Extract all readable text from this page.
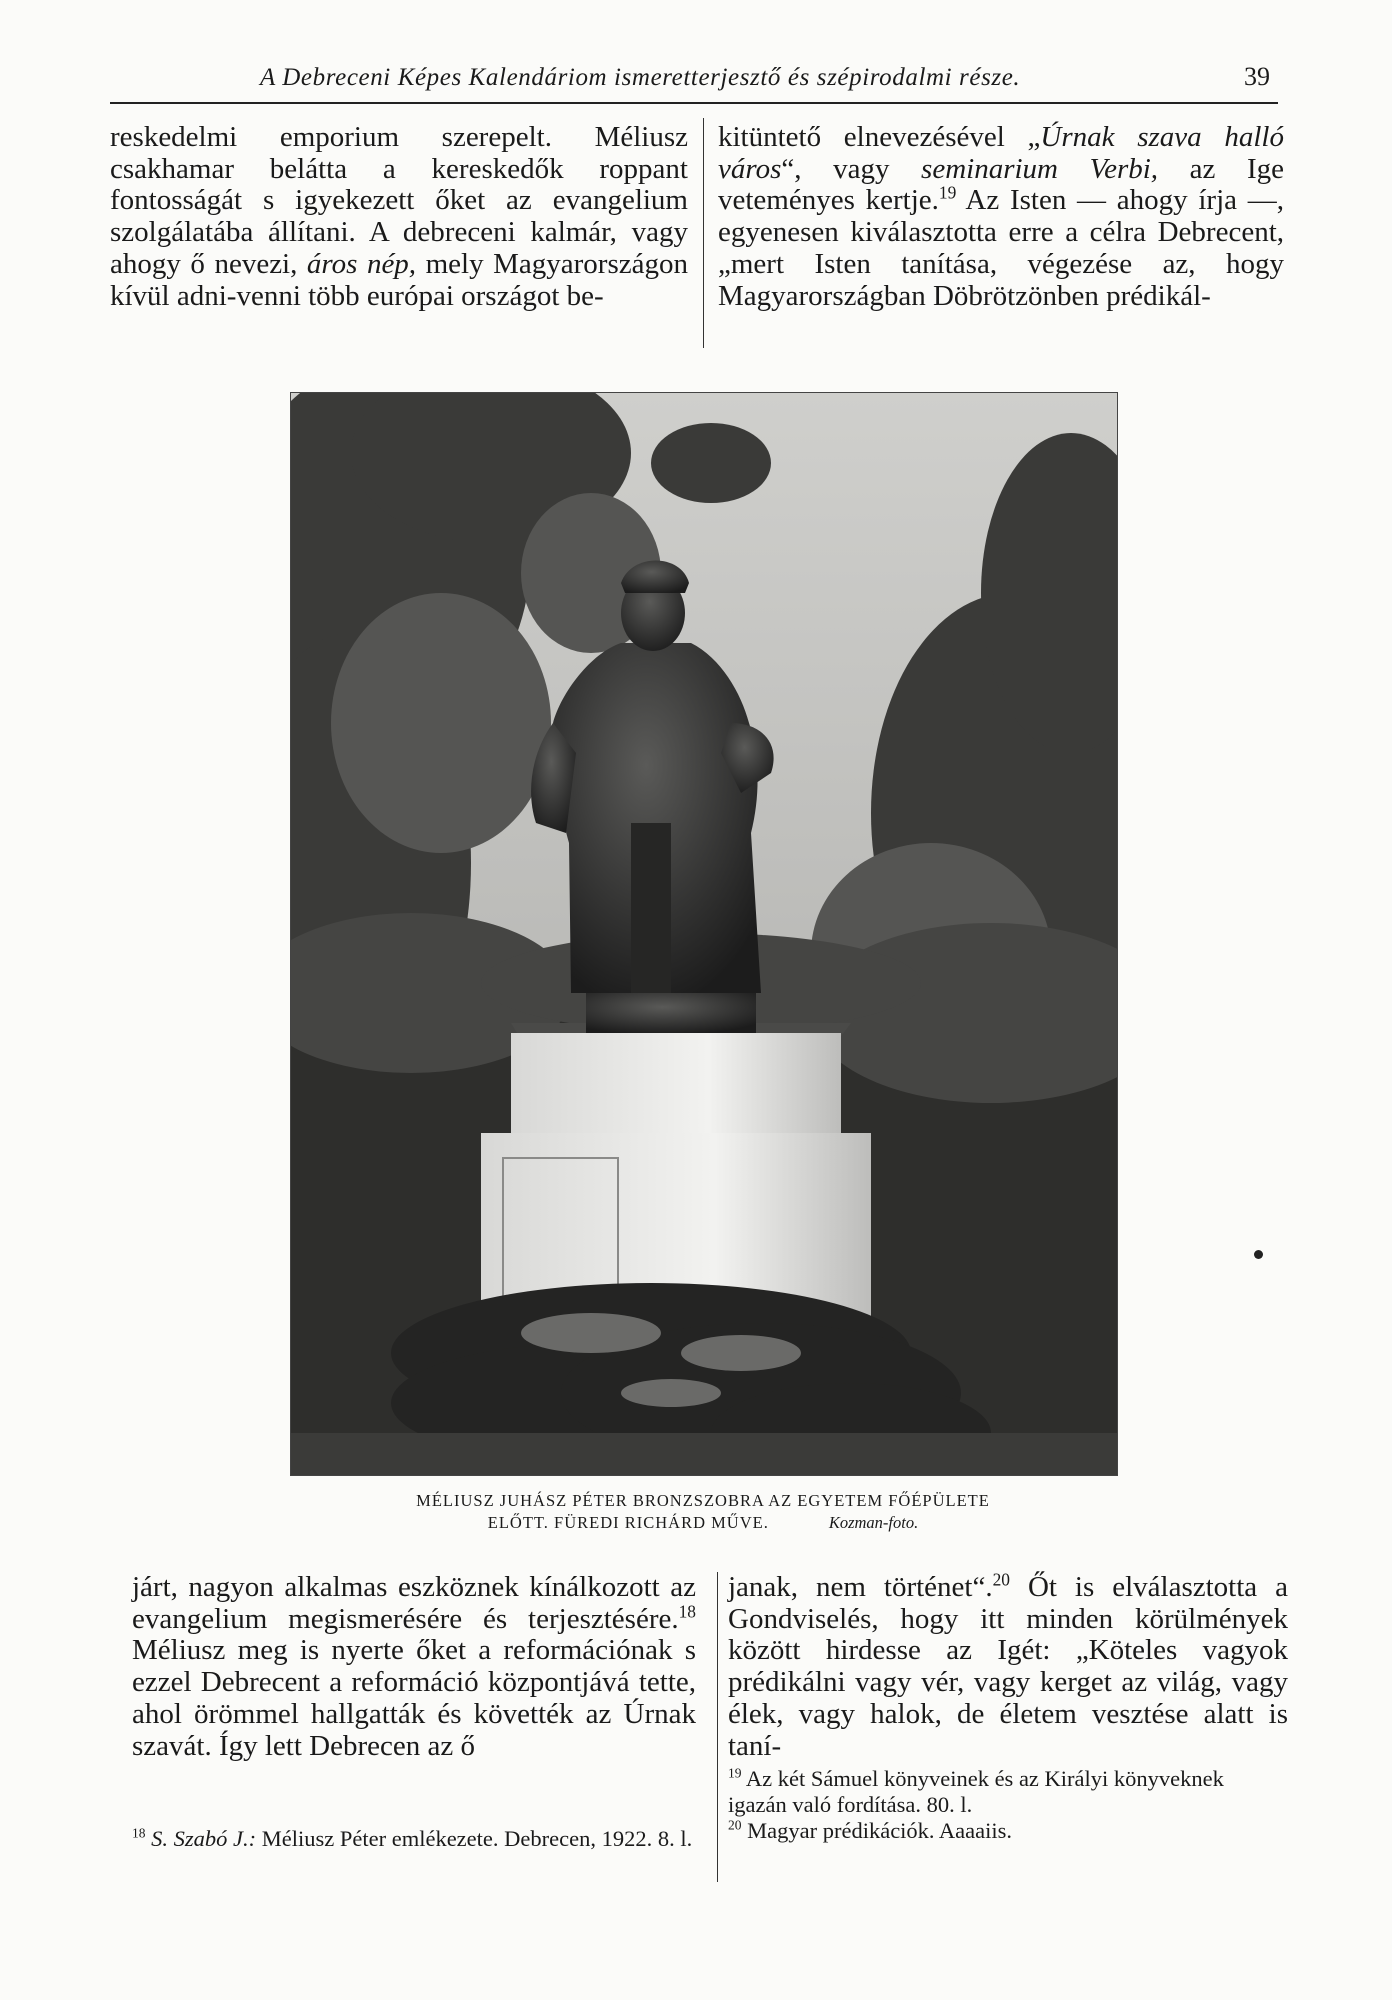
A Debreceni Képes Kalendáriom ismeretterjesztő és szépirodalmi része.	39

reskedelmi emporium szerepelt. Méliusz csakhamar belátta a kereskedők roppant fontosságát s igyekezett őket az evangelium szolgálatába állítani. A debreceni kalmár, vagy ahogy ő nevezi, áros nép, mely Magyarországon kívül adni-venni több európai országot be-

kitüntető elnevezésével „Úrnak szava halló város“, vagy seminarium Verbi, az Ige veteményes kertje.$^{19}$ Az Isten — ahogy írja —, egyenesen kiválasztotta erre a célra Debrecent, „mert Isten tanítása, végezése az, hogy Magyarországban Döbrötzönben prédikál-

MÉLIUSZ JUHÁSZ PÉTER BRONZSZOBRA AZ EGYETEM FŐÉPÜLETE
ELŐTT. FÜREDI RICHÁRD MŰVE.	Kozman-foto.

járt, nagyon alkalmas eszköznek kínálkozott az evangelium megismerésére és terjesztésére.$^{18}$ Méliusz meg is nyerte őket a reformációnak s ezzel Debrecent a reformáció központjává tette, ahol örömmel hallgatták és követték az Úrnak szavát. Így lett Debrecen az ő

janak, nem történet“.$^{20}$ Őt is elválasztotta a Gondviselés, hogy itt minden körülmények között hirdesse az Igét: „Köteles vagyok prédikálni vagy vér, vagy kerget az világ, vagy élek, vagy halok, de életem vesztése alatt is taní-

$^{18}$ S. Szabó J.: Méliusz Péter emlékezete. Debrecen, 1922. 8. l.

$^{19}$ Az két Sámuel könyveinek és az Királyi könyveknek igazán való fordítása. 80. l.

$^{20}$ Magyar prédikációk. Aaaaiis.
